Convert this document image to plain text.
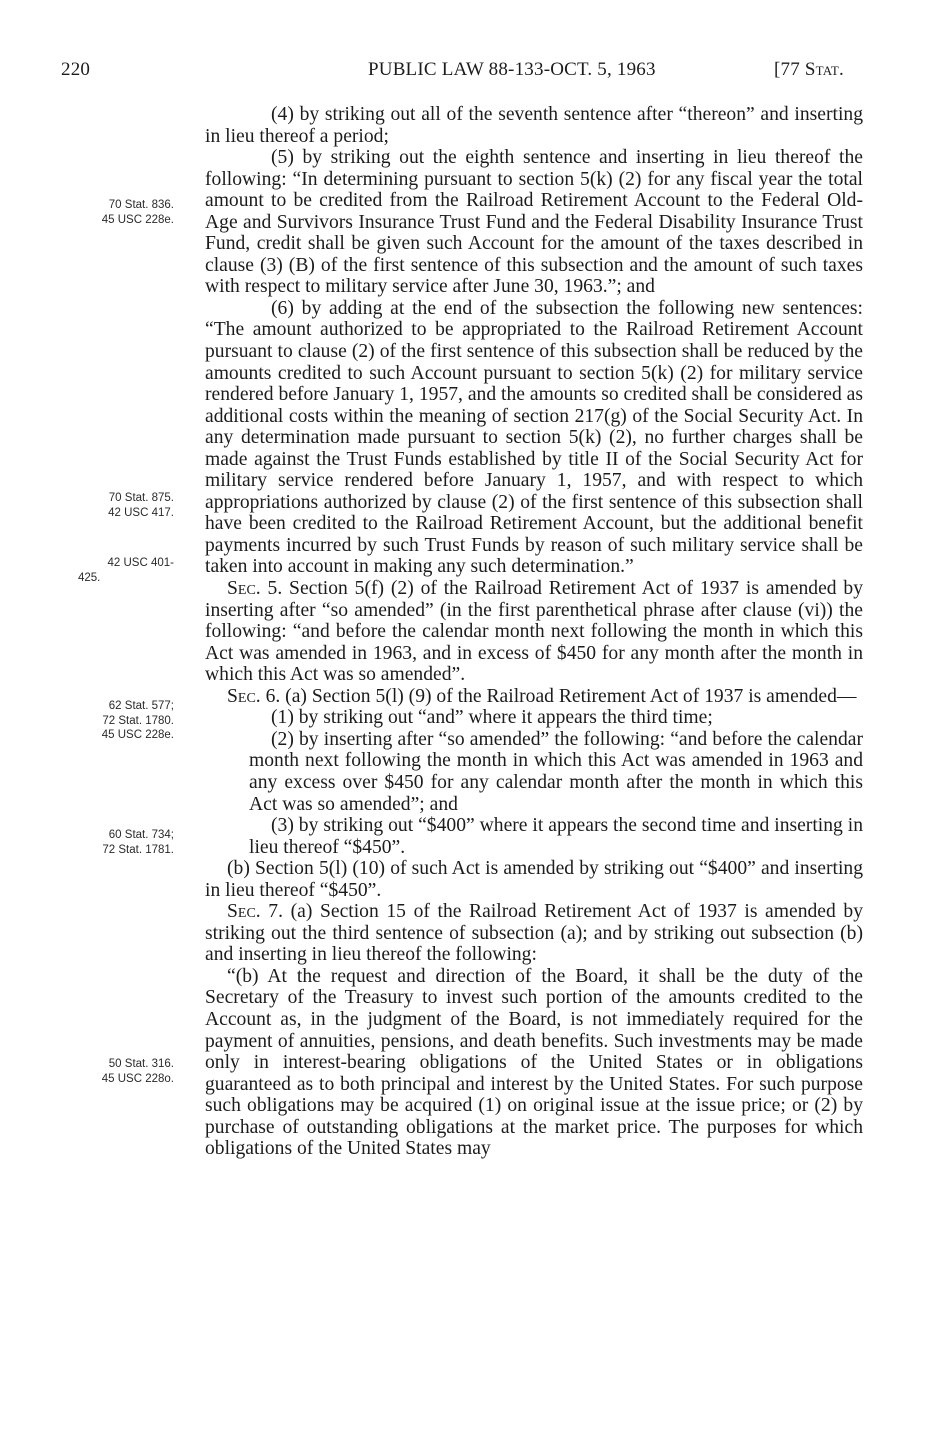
220	PUBLIC LAW 88-133-OCT. 5, 1963	[77 Stat.
70 Stat. 836.
45 USC 228e.
70 Stat. 875.
42 USC 417.
42 USC 401-
425.
62 Stat. 577;
72 Stat. 1780.
45 USC 228e.
60 Stat. 734;
72 Stat. 1781.
50 Stat. 316.
45 USC 228o.

(4) by striking out all of the seventh sentence after “thereon” and inserting in lieu thereof a period;

(5) by striking out the eighth sentence and inserting in lieu thereof the following: “In determining pursuant to section 5(k) (2) for any fiscal year the total amount to be credited from the Railroad Retirement Account to the Federal Old-Age and Survivors Insurance Trust Fund and the Federal Disability Insurance Trust Fund, credit shall be given such Account for the amount of the taxes described in clause (3) (B) of the first sentence of this subsection and the amount of such taxes with respect to military service after June 30, 1963.”; and

(6) by adding at the end of the subsection the following new sentences: “The amount authorized to be appropriated to the Railroad Retirement Account pursuant to clause (2) of the first sentence of this subsection shall be reduced by the amounts credited to such Account pursuant to section 5(k) (2) for military service rendered before January 1, 1957, and the amounts so credited shall be considered as additional costs within the meaning of section 217(g) of the Social Security Act. In any determination made pursuant to section 5(k) (2), no further charges shall be made against the Trust Funds established by title II of the Social Security Act for military service rendered before January 1, 1957, and with respect to which appropriations authorized by clause (2) of the first sentence of this subsection shall have been credited to the Railroad Retirement Account, but the additional benefit payments incurred by such Trust Funds by reason of such military service shall be taken into account in making any such determination.”

Sec. 5. Section 5(f) (2) of the Railroad Retirement Act of 1937 is amended by inserting after “so amended” (in the first parenthetical phrase after clause (vi)) the following: “and before the calendar month next following the month in which this Act was amended in 1963, and in excess of $450 for any month after the month in which this Act was so amended”.

Sec. 6. (a) Section 5(l) (9) of the Railroad Retirement Act of 1937 is amended—

(1) by striking out “and” where it appears the third time;

(2) by inserting after “so amended” the following: “and before the calendar month next following the month in which this Act was amended in 1963 and any excess over $450 for any calendar month after the month in which this Act was so amended”; and

(3) by striking out “$400” where it appears the second time and inserting in lieu thereof “$450”.

(b) Section 5(l) (10) of such Act is amended by striking out “$400” and inserting in lieu thereof “$450”.

Sec. 7. (a) Section 15 of the Railroad Retirement Act of 1937 is amended by striking out the third sentence of subsection (a); and by striking out subsection (b) and inserting in lieu thereof the following:

“(b) At the request and direction of the Board, it shall be the duty of the Secretary of the Treasury to invest such portion of the amounts credited to the Account as, in the judgment of the Board, is not immediately required for the payment of annuities, pensions, and death benefits. Such investments may be made only in interest-bearing obligations of the United States or in obligations guaranteed as to both principal and interest by the United States. For such purpose such obligations may be acquired (1) on original issue at the issue price; or (2) by purchase of outstanding obligations at the market price. The purposes for which obligations of the United States may
